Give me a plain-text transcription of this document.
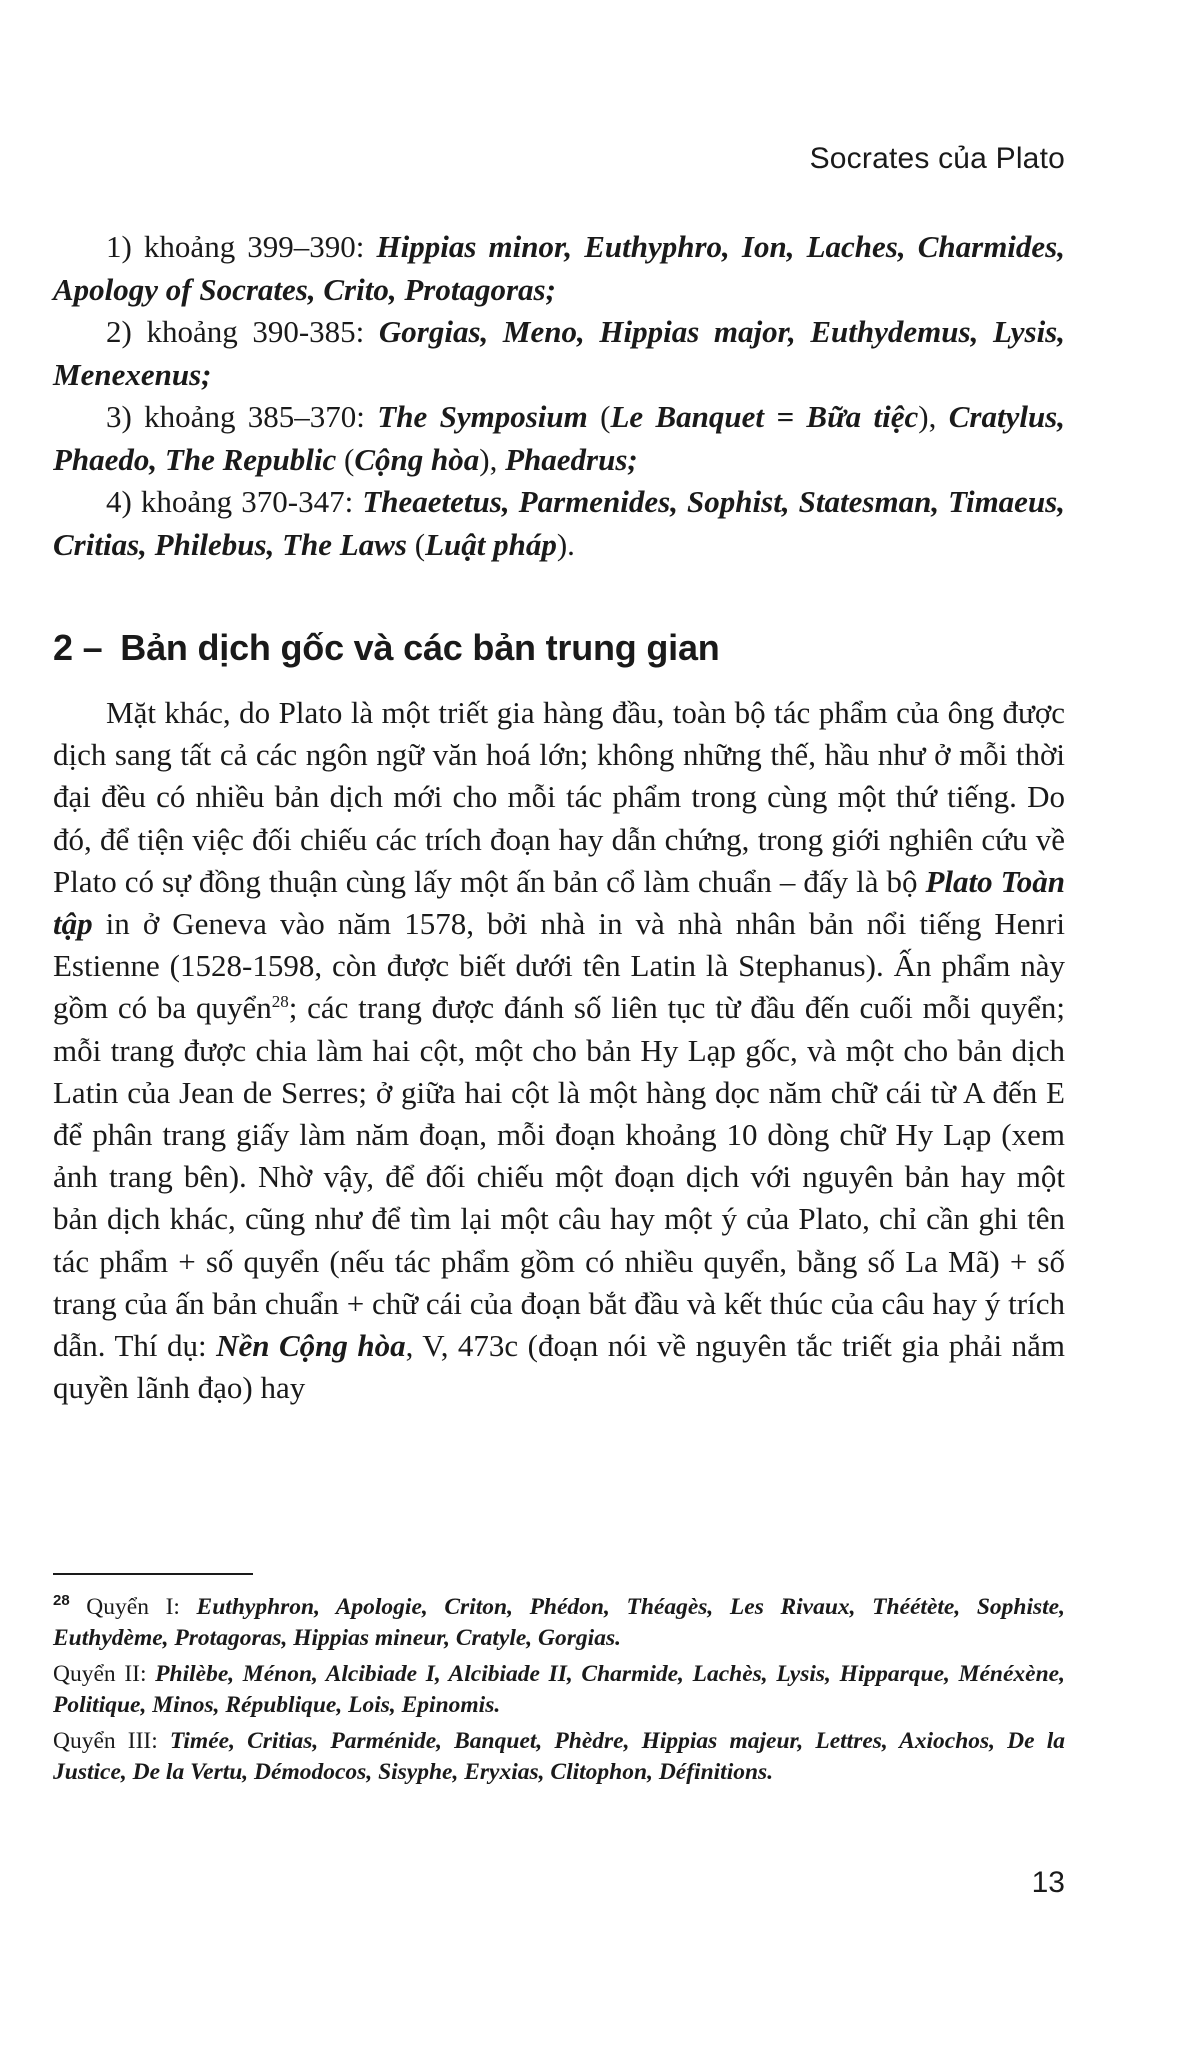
Socrates của Plato

1) khoảng 399–390: Hippias minor, Euthyphro, Ion, Laches, Charmides, Apology of Socrates, Crito, Protagoras;

2) khoảng 390-385: Gorgias, Meno, Hippias major, Euthydemus, Lysis, Menexenus;

3) khoảng 385–370: The Symposium (Le Banquet = Bữa tiệc), Cratylus, Phaedo, The Republic (Cộng hòa), Phaedrus;

4) khoảng 370-347: Theaetetus, Parmenides, Sophist, Statesman, Timaeus, Critias, Philebus, The Laws (Luật pháp).

2 – Bản dịch gốc và các bản trung gian

Mặt khác, do Plato là một triết gia hàng đầu, toàn bộ tác phẩm của ông được dịch sang tất cả các ngôn ngữ văn hoá lớn; không những thế, hầu như ở mỗi thời đại đều có nhiều bản dịch mới cho mỗi tác phẩm trong cùng một thứ tiếng. Do đó, để tiện việc đối chiếu các trích đoạn hay dẫn chứng, trong giới nghiên cứu về Plato có sự đồng thuận cùng lấy một ấn bản cổ làm chuẩn – đấy là bộ Plato Toàn tập in ở Geneva vào năm 1578, bởi nhà in và nhà nhân bản nổi tiếng Henri Estienne (1528-1598, còn được biết dưới tên Latin là Stephanus). Ấn phẩm này gồm có ba quyển$^{28}$; các trang được đánh số liên tục từ đầu đến cuối mỗi quyển; mỗi trang được chia làm hai cột, một cho bản Hy Lạp gốc, và một cho bản dịch Latin của Jean de Serres; ở giữa hai cột là một hàng dọc năm chữ cái từ A đến E để phân trang giấy làm năm đoạn, mỗi đoạn khoảng 10 dòng chữ Hy Lạp (xem ảnh trang bên). Nhờ vậy, để đối chiếu một đoạn dịch với nguyên bản hay một bản dịch khác, cũng như để tìm lại một câu hay một ý của Plato, chỉ cần ghi tên tác phẩm + số quyển (nếu tác phẩm gồm có nhiều quyển, bằng số La Mã) + số trang của ấn bản chuẩn + chữ cái của đoạn bắt đầu và kết thúc của câu hay ý trích dẫn. Thí dụ: Nền Cộng hòa, V, 473c (đoạn nói về nguyên tắc triết gia phải nắm quyền lãnh đạo) hay

$^{28}$ Quyển I: Euthyphron, Apologie, Criton, Phédon, Théagès, Les Rivaux, Théétète, Sophiste, Euthydème, Protagoras, Hippias mineur, Cratyle, Gorgias.

Quyển II: Philèbe, Ménon, Alcibiade I, Alcibiade II, Charmide, Lachès, Lysis, Hipparque, Ménéxène, Politique, Minos, République, Lois, Epinomis.

Quyển III: Timée, Critias, Parménide, Banquet, Phèdre, Hippias majeur, Lettres, Axiochos, De la Justice, De la Vertu, Démodocos, Sisyphe, Eryxias, Clitophon, Définitions.

13
